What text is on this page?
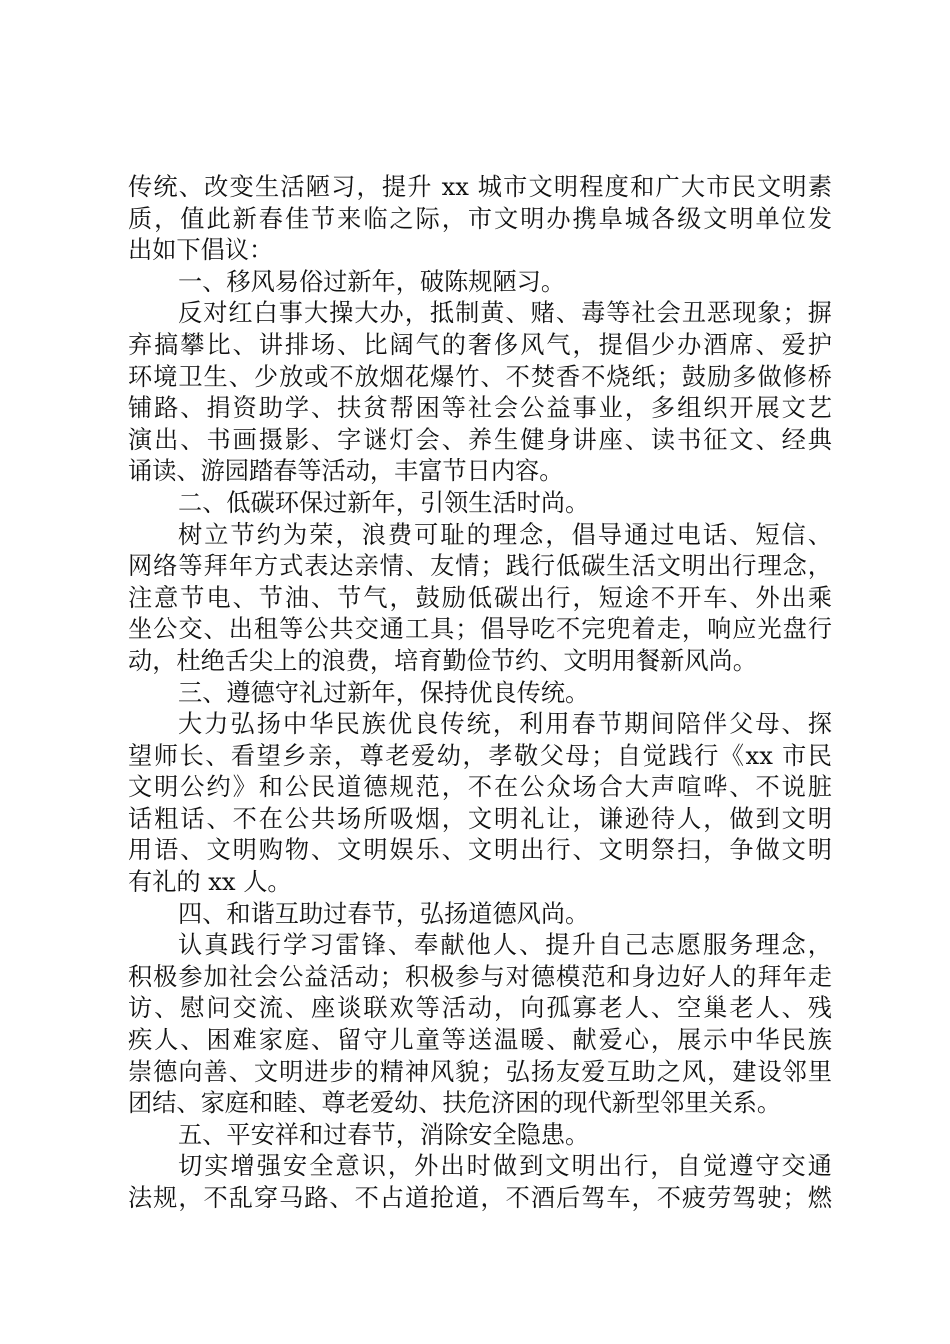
传统、改变生活陋习，提升 xx 城市文明程度和广大市民文明素
质，值此新春佳节来临之际，市文明办携阜城各级文明单位发
出如下倡议：
一、移风易俗过新年，破陈规陋习。
反对红白事大操大办，抵制黄、赌、毒等社会丑恶现象；摒
弃搞攀比、讲排场、比阔气的奢侈风气，提倡少办酒席、爱护
环境卫生、少放或不放烟花爆竹、不焚香不烧纸；鼓励多做修桥
铺路、捐资助学、扶贫帮困等社会公益事业，多组织开展文艺
演出、书画摄影、字谜灯会、养生健身讲座、读书征文、经典
诵读、游园踏春等活动，丰富节日内容。
二、低碳环保过新年，引领生活时尚。
树立节约为荣，浪费可耻的理念，倡导通过电话、短信、
网络等拜年方式表达亲情、友情；践行低碳生活文明出行理念，
注意节电、节油、节气，鼓励低碳出行，短途不开车、外出乘
坐公交、出租等公共交通工具；倡导吃不完兜着走，响应光盘行
动，杜绝舌尖上的浪费，培育勤俭节约、文明用餐新风尚。
三、遵德守礼过新年，保持优良传统。
大力弘扬中华民族优良传统，利用春节期间陪伴父母、探
望师长、看望乡亲，尊老爱幼，孝敬父母；自觉践行《xx 市民
文明公约》和公民道德规范，不在公众场合大声喧哗、不说脏
话粗话、不在公共场所吸烟，文明礼让，谦逊待人，做到文明
用语、文明购物、文明娱乐、文明出行、文明祭扫，争做文明
有礼的 xx 人。
四、和谐互助过春节，弘扬道德风尚。
认真践行学习雷锋、奉献他人、提升自己志愿服务理念，
积极参加社会公益活动；积极参与对德模范和身边好人的拜年走
访、慰问交流、座谈联欢等活动，向孤寡老人、空巢老人、残
疾人、困难家庭、留守儿童等送温暖、献爱心，展示中华民族
崇德向善、文明进步的精神风貌；弘扬友爱互助之风，建设邻里
团结、家庭和睦、尊老爱幼、扶危济困的现代新型邻里关系。
五、平安祥和过春节，消除安全隐患。
切实增强安全意识，外出时做到文明出行，自觉遵守交通
法规，不乱穿马路、不占道抢道，不酒后驾车，不疲劳驾驶；燃
